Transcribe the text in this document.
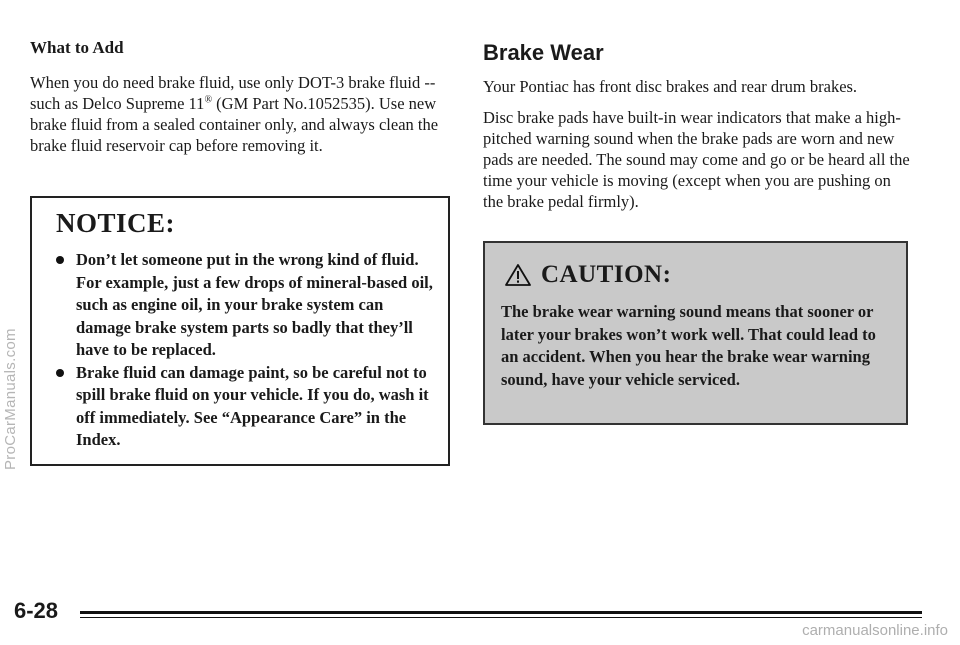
What to Add

When you do need brake fluid, use only DOT-3 brake fluid -- such as Delco Supreme 11® (GM Part No.1052535). Use new brake fluid from a sealed container only, and always clean the brake fluid reservoir cap before removing it.

NOTICE:
Don’t let someone put in the wrong kind of fluid. For example, just a few drops of mineral-based oil, such as engine oil, in your brake system can damage brake system parts so badly that they’ll have to be replaced.
Brake fluid can damage paint, so be careful not to spill brake fluid on your vehicle. If you do, wash it off immediately. See “Appearance Care” in the Index.
Brake Wear

Your Pontiac has front disc brakes and rear drum brakes.

Disc brake pads have built-in wear indicators that make a high-pitched warning sound when the brake pads are worn and new pads are needed. The sound may come and go or be heard all the time your vehicle is moving (except when you are pushing on the brake pedal firmly).

CAUTION:

The brake wear warning sound means that sooner or later your brakes won’t work well. That could lead to an accident. When you hear the brake wear warning sound, have your vehicle serviced.

6-28
ProCarManuals.com
carmanualsonline.info
